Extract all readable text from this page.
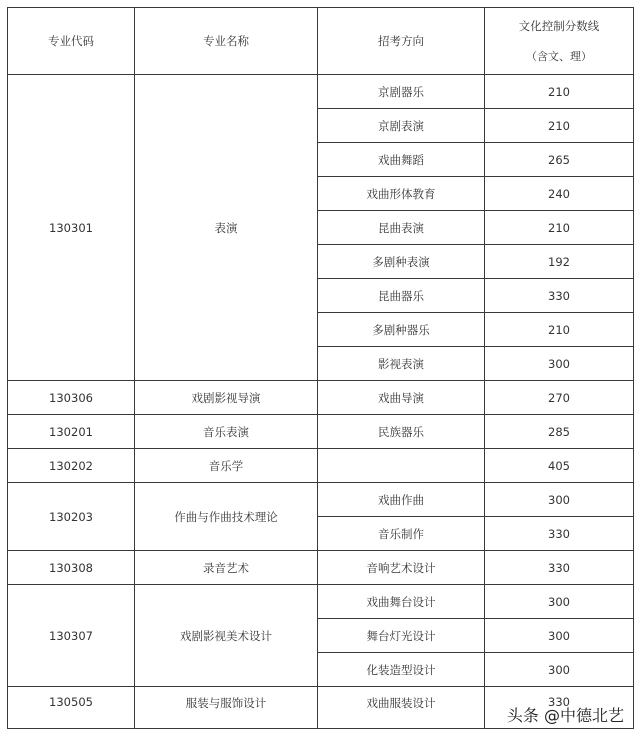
专业代码	专业名称	招考方向	文化控制分数线
（含文、理）

130301	表演	京剧器乐	210
		京剧表演	210
		戏曲舞蹈	265
		戏曲形体教育	240
		昆曲表演	210
		多剧种表演	192
		昆曲器乐	330
		多剧种器乐	210
		影视表演	300
130306	戏剧影视导演	戏曲导演	270
130201	音乐表演	民族器乐	285
130202	音乐学		405
130203	作曲与作曲技术理论	戏曲作曲	300
		音乐制作	330
130308	录音艺术	音响艺术设计	330
130307	戏剧影视美术设计	戏曲舞台设计	300
		舞台灯光设计	300
		化装造型设计	300
130505	服装与服饰设计	戏曲服装设计	330
头条 @中德北艺
